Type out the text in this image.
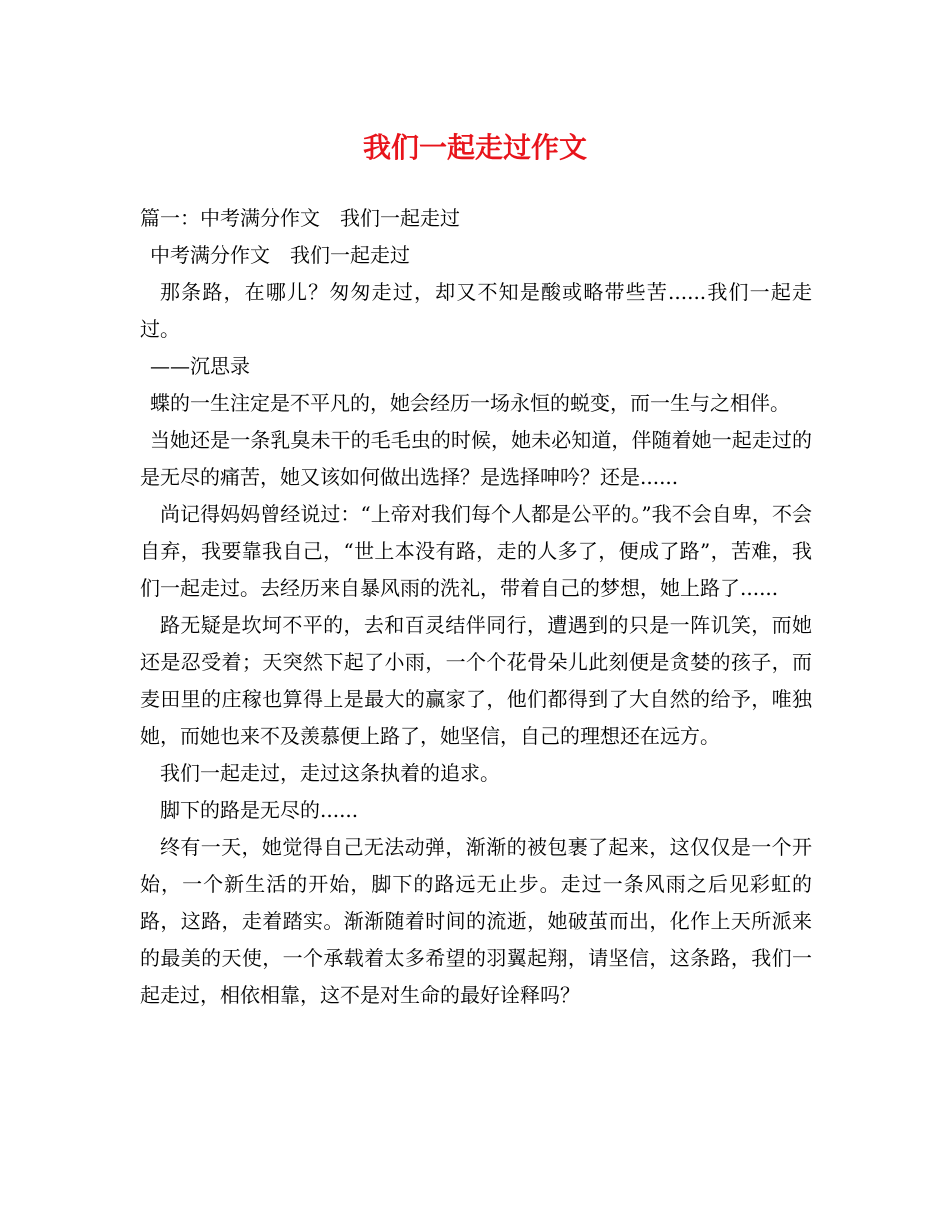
我们一起走过作文

篇一：中考满分作文　我们一起走过

中考满分作文　我们一起走过

那条路，在哪儿？匆匆走过，却又不知是酸或略带些苦......我们一起走过。

——沉思录

蝶的一生注定是不平凡的，她会经历一场永恒的蜕变，而一生与之相伴。

当她还是一条乳臭未干的毛毛虫的时候，她未必知道，伴随着她一起走过的是无尽的痛苦，她又该如何做出选择？是选择呻吟？还是......

尚记得妈妈曾经说过：“上帝对我们每个人都是公平的。”我不会自卑，不会自弃，我要靠我自己，“世上本没有路，走的人多了，便成了路”，苦难，我们一起走过。去经历来自暴风雨的洗礼，带着自己的梦想，她上路了......

路无疑是坎坷不平的，去和百灵结伴同行，遭遇到的只是一阵讥笑，而她还是忍受着；天突然下起了小雨，一个个花骨朵儿此刻便是贪婪的孩子，而麦田里的庄稼也算得上是最大的赢家了，他们都得到了大自然的给予，唯独她，而她也来不及羡慕便上路了，她坚信，自己的理想还在远方。

我们一起走过，走过这条执着的追求。

脚下的路是无尽的......

终有一天，她觉得自己无法动弹，渐渐的被包裹了起来，这仅仅是一个开始，一个新生活的开始，脚下的路远无止步。走过一条风雨之后见彩虹的路，这路，走着踏实。渐渐随着时间的流逝，她破茧而出，化作上天所派来的最美的天使，一个承载着太多希望的羽翼起翔，请坚信，这条路，我们一起走过，相依相靠，这不是对生命的最好诠释吗？
